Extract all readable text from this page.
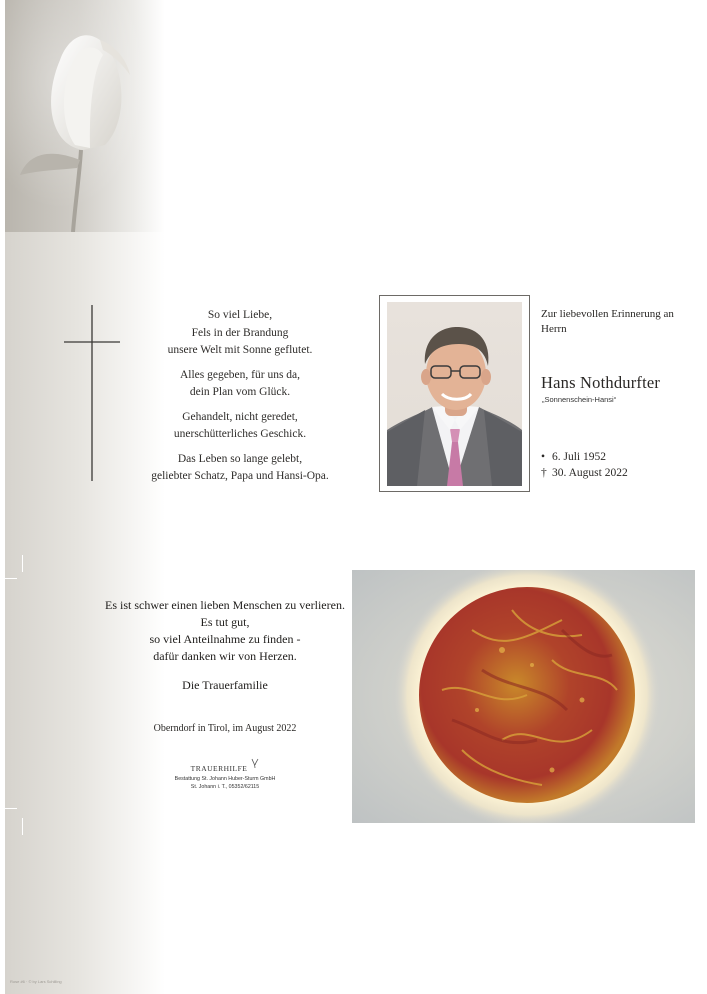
Rose #6 · © by Lars Schilling

So viel Liebe,
Fels in der Brandung
unsere Welt mit Sonne geflutet.

Alles gegeben, für uns da,
dein Plan vom Glück.

Gehandelt, nicht geredet,
unerschütterliches Geschick.

Das Leben so lange gelebt,
geliebter Schatz, Papa und Hansi-Opa.

Zur liebevollen Erinnerung an
Herrn
Hans Nothdurfter
„Sonnenschein-Hansi“
• 6. Juli 1952
† 30. August 2022
Es ist schwer einen lieben Menschen zu verlieren.
Es tut gut,
so viel Anteilnahme zu finden -
dafür danken wir von Herzen.
Die Trauerfamilie
Oberndorf in Tirol, im August 2022
TRAUERHILFE
Bestattung St. Johann Huber-Sturm GmbH
St. Johann i. T., 05352/62115
